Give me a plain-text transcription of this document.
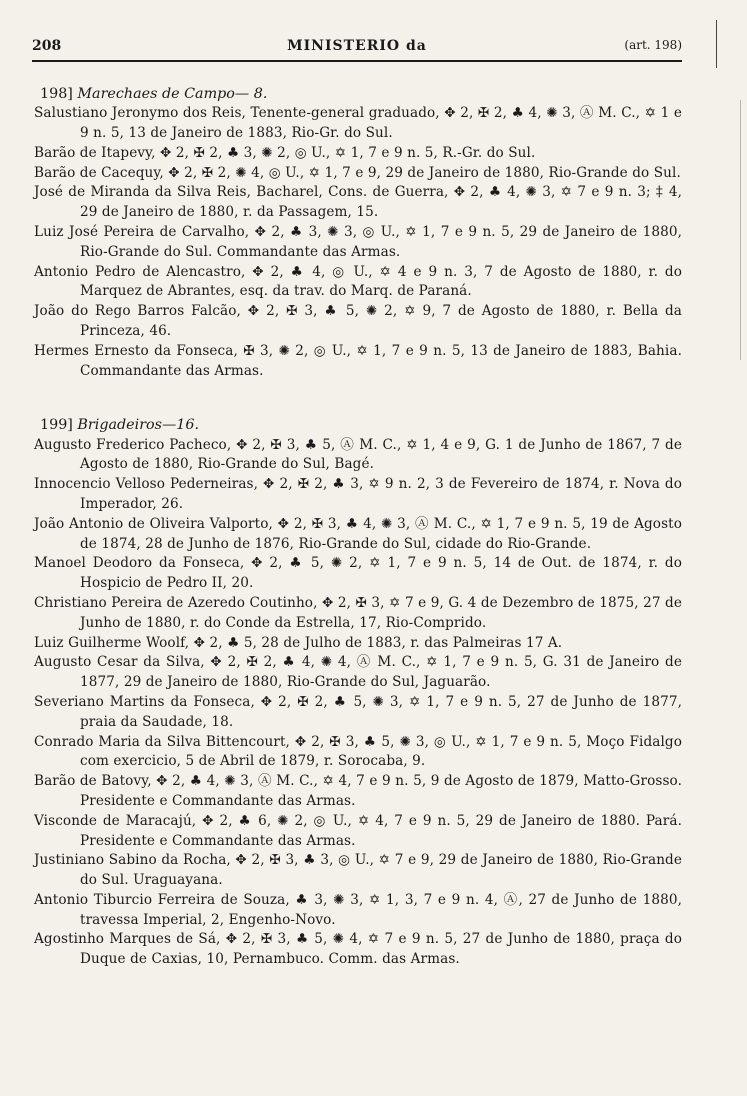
208	MINISTERIO da	(art. 198)
198] Marechaes de Campo— 8.

Salustiano Jeronymo dos Reis, Tenente-general graduado, ✥ 2, ✠ 2, ♣ 4, ✺ 3, Ⓐ M. C., ✡ 1 e 9 n. 5, 13 de Janeiro de 1883, Rio-Gr. do Sul.

Barão de Itapevy, ✥ 2, ✠ 2, ♣ 3, ✺ 2, ◎ U., ✡ 1, 7 e 9 n. 5, R.-Gr. do Sul.

Barão de Cacequy, ✥ 2, ✠ 2, ✺ 4, ◎ U., ✡ 1, 7 e 9, 29 de Janeiro de 1880, Rio-Grande do Sul.

José de Miranda da Silva Reis, Bacharel, Cons. de Guerra, ✥ 2, ♣ 4, ✺ 3, ✡ 7 e 9 n. 3; ‡ 4, 29 de Janeiro de 1880, r. da Passagem, 15.

Luiz José Pereira de Carvalho, ✥ 2, ♣ 3, ✺ 3, ◎ U., ✡ 1, 7 e 9 n. 5, 29 de Janeiro de 1880, Rio-Grande do Sul. Commandante das Armas.

Antonio Pedro de Alencastro, ✥ 2, ♣ 4, ◎ U., ✡ 4 e 9 n. 3, 7 de Agosto de 1880, r. do Marquez de Abrantes, esq. da trav. do Marq. de Paraná.

João do Rego Barros Falcão, ✥ 2, ✠ 3, ♣ 5, ✺ 2, ✡ 9, 7 de Agosto de 1880, r. Bella da Princeza, 46.

Hermes Ernesto da Fonseca, ✠ 3, ✺ 2, ◎ U., ✡ 1, 7 e 9 n. 5, 13 de Janeiro de 1883, Bahia. Commandante das Armas.

199] Brigadeiros—16.

Augusto Frederico Pacheco, ✥ 2, ✠ 3, ♣ 5, Ⓐ M. C., ✡ 1, 4 e 9, G. 1 de Junho de 1867, 7 de Agosto de 1880, Rio-Grande do Sul, Bagé.

Innocencio Velloso Pederneiras, ✥ 2, ✠ 2, ♣ 3, ✡ 9 n. 2, 3 de Fevereiro de 1874, r. Nova do Imperador, 26.

João Antonio de Oliveira Valporto, ✥ 2, ✠ 3, ♣ 4, ✺ 3, Ⓐ M. C., ✡ 1, 7 e 9 n. 5, 19 de Agosto de 1874, 28 de Junho de 1876, Rio-Grande do Sul, cidade do Rio-Grande.

Manoel Deodoro da Fonseca, ✥ 2, ♣ 5, ✺ 2, ✡ 1, 7 e 9 n. 5, 14 de Out. de 1874, r. do Hospicio de Pedro II, 20.

Christiano Pereira de Azeredo Coutinho, ✥ 2, ✠ 3, ✡ 7 e 9, G. 4 de Dezembro de 1875, 27 de Junho de 1880, r. do Conde da Estrella, 17, Rio-Comprido.

Luiz Guilherme Woolf, ✥ 2, ♣ 5, 28 de Julho de 1883, r. das Palmeiras 17 A.

Augusto Cesar da Silva, ✥ 2, ✠ 2, ♣ 4, ✺ 4, Ⓐ M. C., ✡ 1, 7 e 9 n. 5, G. 31 de Janeiro de 1877, 29 de Janeiro de 1880, Rio-Grande do Sul, Jaguarão.

Severiano Martins da Fonseca, ✥ 2, ✠ 2, ♣ 5, ✺ 3, ✡ 1, 7 e 9 n. 5, 27 de Junho de 1877, praia da Saudade, 18.

Conrado Maria da Silva Bittencourt, ✥ 2, ✠ 3, ♣ 5, ✺ 3, ◎ U., ✡ 1, 7 e 9 n. 5, Moço Fidalgo com exercicio, 5 de Abril de 1879, r. Sorocaba, 9.

Barão de Batovy, ✥ 2, ♣ 4, ✺ 3, Ⓐ M. C., ✡ 4, 7 e 9 n. 5, 9 de Agosto de 1879, Matto-Grosso. Presidente e Commandante das Armas.

Visconde de Maracajú, ✥ 2, ♣ 6, ✺ 2, ◎ U., ✡ 4, 7 e 9 n. 5, 29 de Janeiro de 1880. Pará. Presidente e Commandante das Armas.

Justiniano Sabino da Rocha, ✥ 2, ✠ 3, ♣ 3, ◎ U., ✡ 7 e 9, 29 de Janeiro de 1880, Rio-Grande do Sul. Uraguayana.

Antonio Tiburcio Ferreira de Souza, ♣ 3, ✺ 3, ✡ 1, 3, 7 e 9 n. 4, Ⓐ, 27 de Junho de 1880, travessa Imperial, 2, Engenho-Novo.

Agostinho Marques de Sá, ✥ 2, ✠ 3, ♣ 5, ✺ 4, ✡ 7 e 9 n. 5, 27 de Junho de 1880, praça do Duque de Caxias, 10, Pernambuco. Comm. das Armas.
